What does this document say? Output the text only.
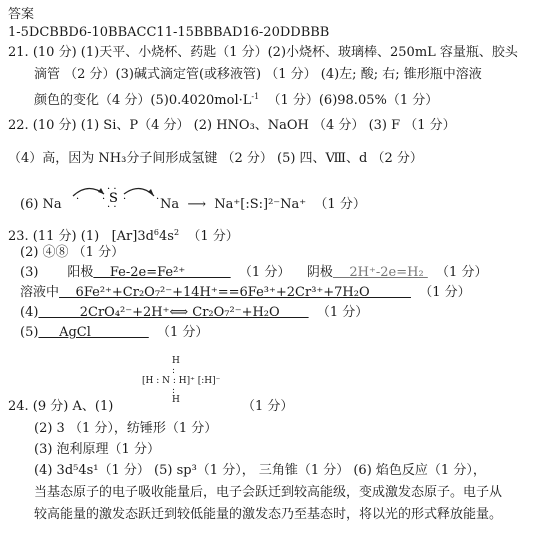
答案
1-5DCBBD6-10BBACC11-15BBBAD16-20DDBBB
21. (10 分) (1)天平、小烧杯、药匙（1 分）(2)小烧杯、玻璃棒、250mL 容量瓶、胶头
滴管 （2 分）(3)碱式滴定管(或移液管) （1 分） (4)左; 酸; 右; 锥形瓶中溶液
颜色的变化（4 分）$(5)0.4020mol\cdot L^{-1}$  （1 分）(6)98.05%（1 分）
22. (10 分) (1) Si、P（4 分） (2) HNO₃、NaOH （4 分） (3) F （1 分）
（4）高，因为 NH₃分子间形成氢键 （2 分） (5) 四、Ⅷ、d （2 分）
(6) Na ·
· ·
· ·
· ·	·
S	Na  ⟶  Na⁺[:S:]²⁻Na⁺  （1 分）
23. (11 分) (1)   $[Ar]3d^64s^2$  （1 分）
(2) ④⑧ （1 分）
(3)       阳极    Fe-2e=Fe²⁺             （1 分）    阴极    2H⁺-2e=H₂   （1 分）
溶液中    6Fe²⁺+Cr₂O₇²⁻+14H⁺==6Fe³⁺+2Cr³⁺+7H₂O            （1 分）
(4)          2CrO₄²⁻+2H⁺⟺ Cr₂O₇²⁻+H₂O         （1 分）
(5)     AgCl                （1 分）
H
:
[H : N : H]⁺ [:H]⁻
:
H
24. (9 分) A、(1)	（1 分）
(2) 3 （1 分），纺锤形（1 分）
(3) 泡利原理（1 分）
(4) 3d⁵4s¹（1 分） (5) sp³（1 分）， 三角锥（1 分） (6) 焰色反应（1 分），
当基态原子的电子吸收能量后，电子会跃迁到较高能级，变成激发态原子。电子从
较高能量的激发态跃迁到较低能量的激发态乃至基态时，将以光的形式释放能量。
